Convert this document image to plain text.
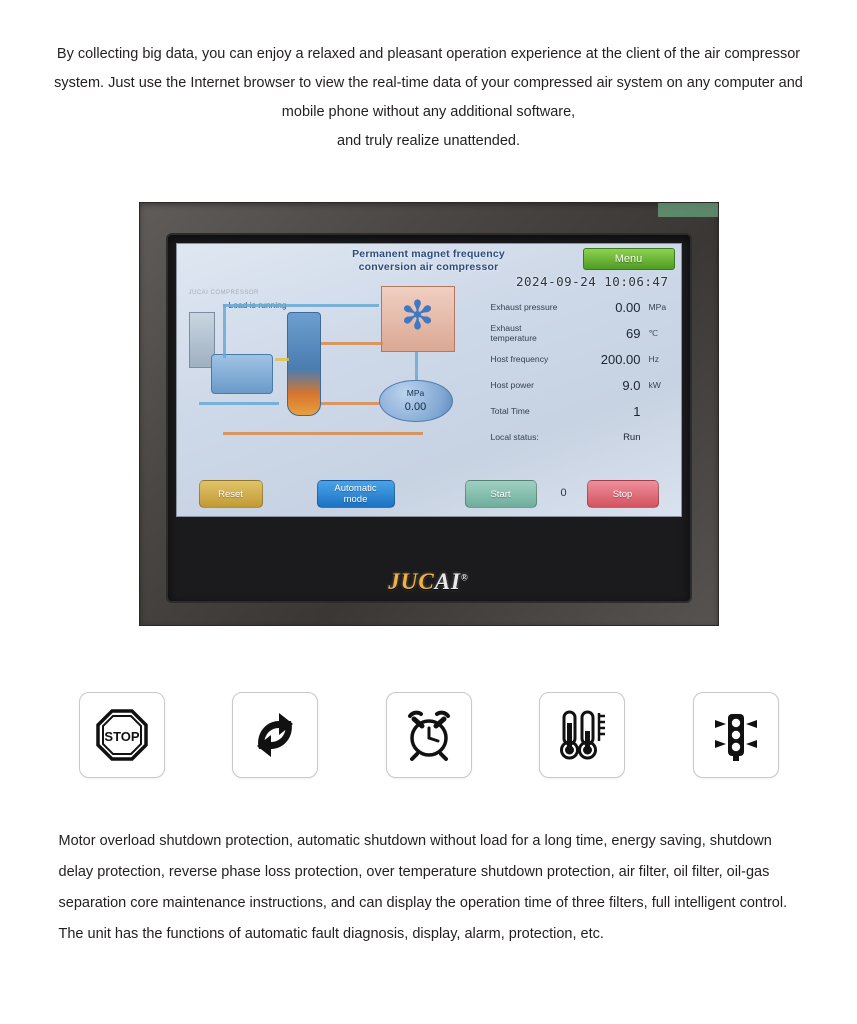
By collecting big data, you can enjoy a relaxed and pleasant operation experience at the client of the air compressor system. Just use the Internet browser to view the real-time data of your compressed air system on any computer and mobile phone without any additional software,
and truly realize unattended.
JUCAI COMPRESSOR
✻
MPa
0.00
Permanent magnet frequency
conversion air compressor
Menu
2024-09-24 10:06:47
Exhaust pressure	0.00 MPa
Exhaust temperature	69 ℃
Host frequency	200.00 Hz
Host power	9.0 kW
Total Time	1
Local status:	Run
Reset	Automatic
mode	Start	0	Stop
JUCAI®
STOP
Motor overload shutdown protection, automatic shutdown without load for a long time, energy saving, shutdown delay protection, reverse phase loss protection, over temperature shutdown protection, air filter, oil filter, oil-gas separation core maintenance instructions, and can display the operation time of three filters, full intelligent control. The unit has the functions of automatic fault diagnosis, display, alarm, protection, etc.
